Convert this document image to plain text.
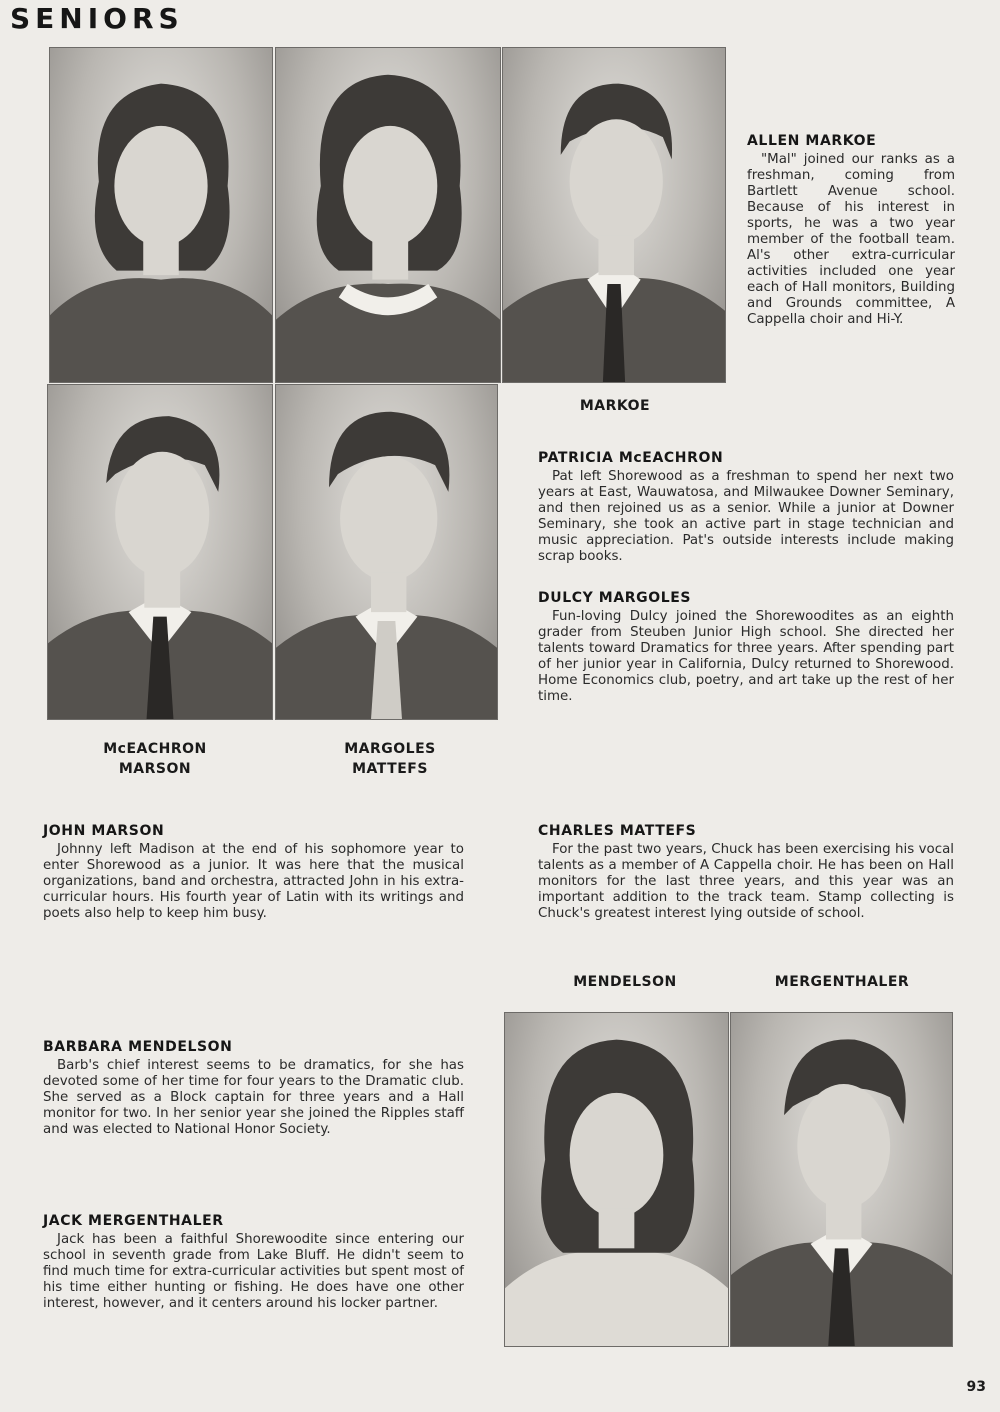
SENIORS
MARKOE
McEACHRON
MARSON
MARGOLES
MATTEFS
MENDELSON	MERGENTHALER
ALLEN MARKOE

"Mal" joined our ranks as a freshman, coming from Bartlett Avenue school. Because of his interest in sports, he was a two year member of the football team. Al's other extra-curricular activities included one year each of Hall monitors, Building and Grounds committee, A Cappella choir and Hi-Y.

PATRICIA McEACHRON

Pat left Shorewood as a freshman to spend her next two years at East, Wauwatosa, and Milwaukee Downer Seminary, and then rejoined us as a senior. While a junior at Downer Seminary, she took an active part in stage technician and music appreciation. Pat's outside interests include making scrap books.

DULCY MARGOLES

Fun-loving Dulcy joined the Shorewoodites as an eighth grader from Steuben Junior High school. She directed her talents toward Dramatics for three years. After spending part of her junior year in California, Dulcy returned to Shorewood. Home Economics club, poetry, and art take up the rest of her time.

JOHN MARSON

Johnny left Madison at the end of his sophomore year to enter Shorewood as a junior. It was here that the musical organizations, band and orchestra, attracted John in his extra-curricular hours. His fourth year of Latin with its writings and poets also help to keep him busy.

CHARLES MATTEFS

For the past two years, Chuck has been exercising his vocal talents as a member of A Cappella choir. He has been on Hall monitors for the last three years, and this year was an important addition to the track team. Stamp collecting is Chuck's greatest interest lying outside of school.

BARBARA MENDELSON

Barb's chief interest seems to be dramatics, for she has devoted some of her time for four years to the Dramatic club. She served as a Block captain for three years and a Hall monitor for two. In her senior year she joined the Ripples staff and was elected to National Honor Society.

JACK MERGENTHALER

Jack has been a faithful Shorewoodite since entering our school in seventh grade from Lake Bluff. He didn't seem to find much time for extra-curricular activities but spent most of his time either hunting or fishing. He does have one other interest, however, and it centers around his locker partner.

93
